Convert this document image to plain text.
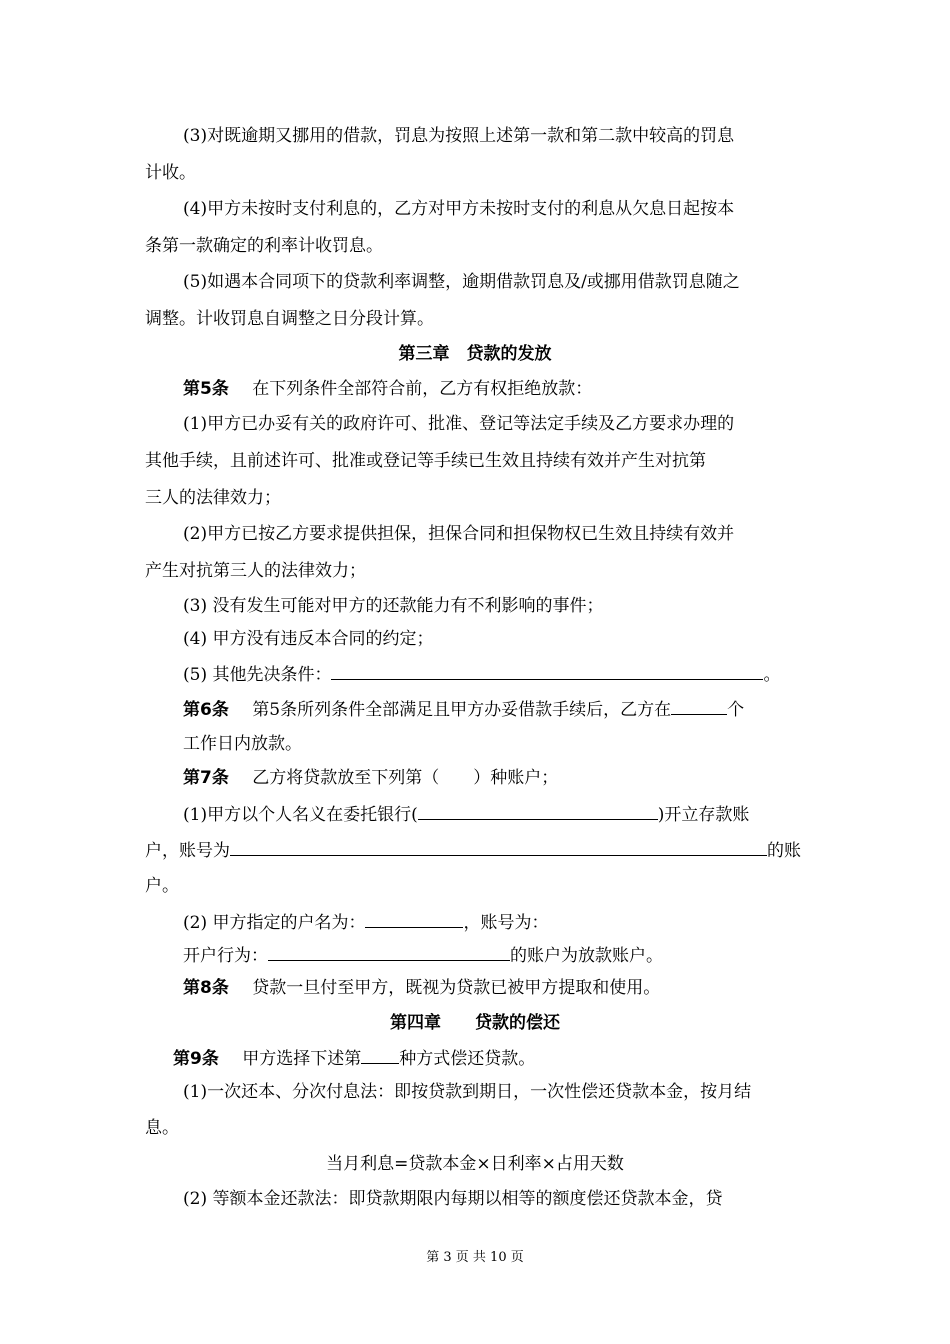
(3)对既逾期又挪用的借款，罚息为按照上述第一款和第二款中较高的罚息
计收。
(4)甲方未按时支付利息的，乙方对甲方未按时支付的利息从欠息日起按本
条第一款确定的利率计收罚息。
(5)如遇本合同项下的贷款利率调整，逾期借款罚息及/或挪用借款罚息随之
调整。计收罚息自调整之日分段计算。
第三章　贷款的发放
第5条 在下列条件全部符合前，乙方有权拒绝放款：
(1)甲方已办妥有关的政府许可、批准、登记等法定手续及乙方要求办理的
其他手续，且前述许可、批准或登记等手续已生效且持续有效并产生对抗第
三人的法律效力；
(2)甲方已按乙方要求提供担保，担保合同和担保物权已生效且持续有效并
产生对抗第三人的法律效力；
(3) 没有发生可能对甲方的还款能力有不利影响的事件；
(4) 甲方没有违反本合同的约定；
(5) 其他先决条件：	。
第6条 第5条所列条件全部满足且甲方办妥借款手续后，乙方在	个
工作日内放款。
第7条 乙方将贷款放至下列第（　　）种账户；
(1)甲方以个人名义在委托银行(	)开立存款账
户，账号为	的账
户。
(2) 甲方指定的户名为：	，账号为：
开户行为：	的账户为放款账户。
第8条 贷款一旦付至甲方，既视为贷款已被甲方提取和使用。
第四章　　贷款的偿还
第9条 甲方选择下述第 种方式偿还贷款。
(1)一次还本、分次付息法：即按贷款到期日，一次性偿还贷款本金，按月结
息。
当月利息=贷款本金×日利率×占用天数
(2) 等额本金还款法：即贷款期限内每期以相等的额度偿还贷款本金，贷
第 3 页 共 10 页
